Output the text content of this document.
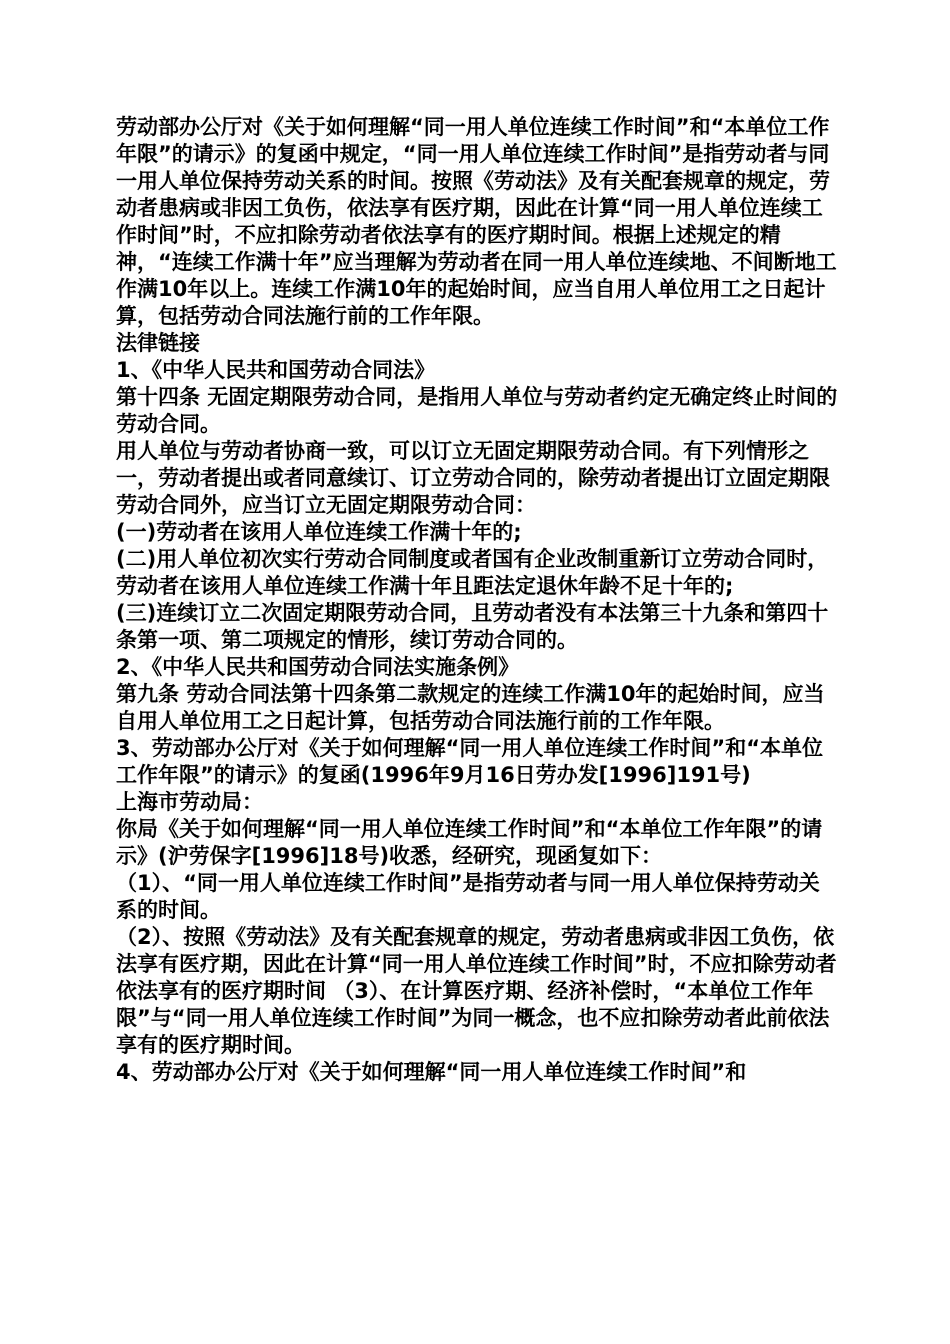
劳动部办公厅对《关于如何理解“同一用人单位连续工作时间”和“本单位工作年限”的请示》的复函中规定，“同一用人单位连续工作时间”是指劳动者与同一用人单位保持劳动关系的时间。按照《劳动法》及有关配套规章的规定，劳动者患病或非因工负伤，依法享有医疗期，因此在计算“同一用人单位连续工作时间”时，不应扣除劳动者依法享有的医疗期时间。根据上述规定的精神，“连续工作满十年”应当理解为劳动者在同一用人单位连续地、不间断地工作满10年以上。连续工作满10年的起始时间，应当自用人单位用工之日起计算，包括劳动合同法施行前的工作年限。

法律链接

1、《中华人民共和国劳动合同法》

第十四条 无固定期限劳动合同，是指用人单位与劳动者约定无确定终止时间的劳动合同。

用人单位与劳动者协商一致，可以订立无固定期限劳动合同。有下列情形之一，劳动者提出或者同意续订、订立劳动合同的，除劳动者提出订立固定期限劳动合同外，应当订立无固定期限劳动合同：

(一)劳动者在该用人单位连续工作满十年的;

(二)用人单位初次实行劳动合同制度或者国有企业改制重新订立劳动合同时，劳动者在该用人单位连续工作满十年且距法定退休年龄不足十年的;

(三)连续订立二次固定期限劳动合同，且劳动者没有本法第三十九条和第四十条第一项、第二项规定的情形，续订劳动合同的。

2、《中华人民共和国劳动合同法实施条例》

第九条 劳动合同法第十四条第二款规定的连续工作满10年的起始时间，应当自用人单位用工之日起计算，包括劳动合同法施行前的工作年限。

3、劳动部办公厅对《关于如何理解“同一用人单位连续工作时间”和“本单位工作年限”的请示》的复函(1996年9月16日劳办发[1996]191号)

上海市劳动局：

你局《关于如何理解“同一用人单位连续工作时间”和“本单位工作年限”的请示》(沪劳保字[1996]18号)收悉，经研究，现函复如下：

（1）、“同一用人单位连续工作时间”是指劳动者与同一用人单位保持劳动关系的时间。

（2）、按照《劳动法》及有关配套规章的规定，劳动者患病或非因工负伤，依法享有医疗期，因此在计算“同一用人单位连续工作时间”时，不应扣除劳动者依法享有的医疗期时间 （3）、在计算医疗期、经济补偿时，“本单位工作年限”与“同一用人单位连续工作时间”为同一概念，也不应扣除劳动者此前依法享有的医疗期时间。

4、劳动部办公厅对《关于如何理解“同一用人单位连续工作时间”和
